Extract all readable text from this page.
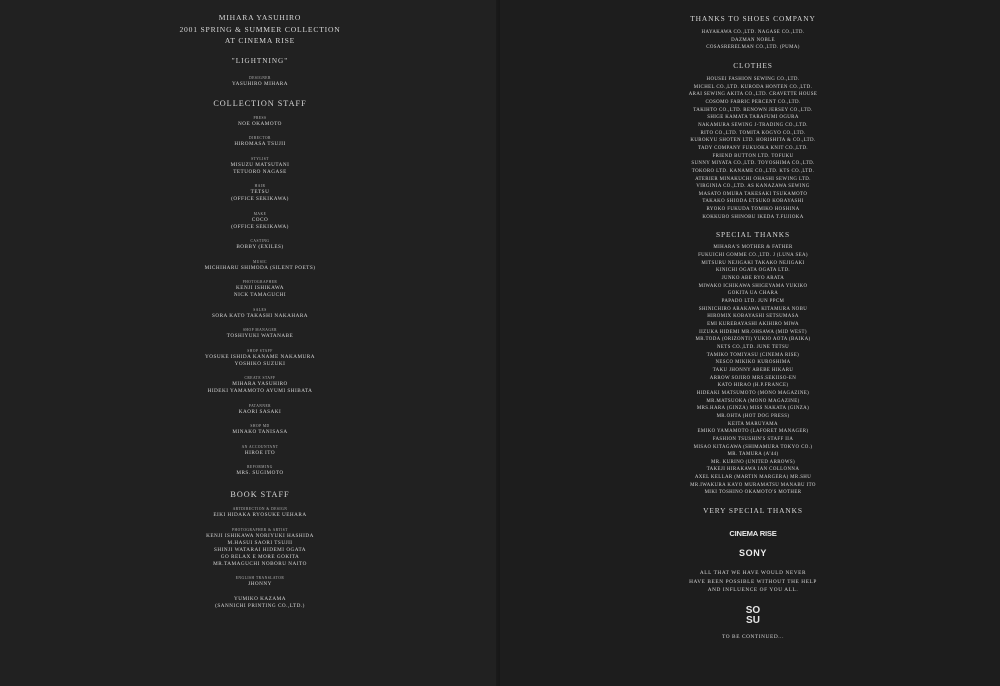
MIHARA YASUHIRO
2001 SPRING & SUMMER COLLECTION
AT CINEMA RISE
"LIGHTNING"
DESIGNER
YASUHIRO MIHARA
COLLECTION STAFF
PRESS
NOE OKAMOTO
DIRECTOR
HIROMASA TSUJII
STYLIST
MISUZU MATSUTANI
TETUORO NAGASE
HAIR
TETSU
(OFFICE SEKIKAWA)
MAKE
COCO
(OFFICE SEKIKAWA)
CASTING
BOBBY (EXILES)
MUSIC
MICHIHARU SHIMODA (SILENT POETS)
PHOTOGRAPHER
KENJI ISHIKAWA
NICK TAMAGUCHI
SALES
SORA KATO TAKASHI NAKAHARA
SHOP MANAGER
TOSHIYUKI WATANABE
SHOP STAFF
YOSUKE ISHIDA KANAME NAKAMURA
YOSHIKO SUZUKI
CREATE STAFF
MIHARA YASUHIRO
HIDEKI YAMAMOTO AYUMI SHIBATA
PATANNER
KAORI SASAKI
SHOP MD
MINAKO TANISASA
AN ACCOUNTANT
HIROE ITO
REFORMING
MRS. SUGIMOTO
BOOK STAFF
ARTDIRECTION & DESIGN
EIKI HIDAKA RYOSUKE UEHARA
PHOTOGRAPHER & ARTIST
KENJI ISHIKAWA NORIYUKI HASHIDA
M.HASUI SAORI TSUJII
SHINJI WATARAI HIDEMI OGATA
GO RELAX E MORE GOKITA
MR.TAMAGUCHI NOBORU NAITO
ENGLISH TRANSLATOR
JHONNY
YUMIKO KAZAMA
(SANNICHI PRINTING CO.,LTD.)
THANKS TO SHOES COMPANY
HAYAKAWA CO.,LTD. NAGASE CO.,LTD.
DAZMAN NOBLE
COSASRERELMAN CO.,LTD. (PUMA)
CLOTHES
HOUSEI FASHION SEWING CO.,LTD.
MICHEL CO.,LTD. KURODA HONTEN CO.,LTD.
ARAI SEWING AKITA CO.,LTD. CRAVETTE HOUSE
COSOMO FABRIC PERCENT CO.,LTD.
TAKIHTO CO.,LTD. RENOWN JERSEY CO.,LTD.
SHIGE KAMATA TARAFUMI OGURA
NAKAMURA SEWING J-TRADING CO.,LTD.
RITO CO.,LTD. TOMITA KOGYO CO.,LTD.
KUROKYU SHOTEN LTD. HORISHITA & CO.,LTD.
TADY COMPANY FUKUOKA KNIT CO.,LTD.
FRIEND BUTTON LTD. TOFUKU
SUNNY MIYATA CO.,LTD. TOYOSHIMA CO.,LTD.
TOKORO LTD. KANAME CO.,LTD. KTS CO.,LTD.
ATERIER MINAKUCHI OHASHI SEWING LTD.
VIRGINIA CO.,LTD. AS KANAZAWA SEWING
MASATO OMURA TAKESAKI TSUKAMOTO
TAKAKO SHIODA ETSUKO KOBAYASHI
RYOKO FUKUDA TOMIKO HOSHINA
KOKKUBO SHINOBU IKEDA T.FUJIOKA
SPECIAL THANKS
MIHARA'S MOTHER & FATHER
FUKUICHI GOMME CO.,LTD. J (LUNA SEA)
MITSURU NEJIGAKI TAKAKO NEJIGAKI
KINICHI OGATA OGATA LTD.
JUNKO ABE RYO ARATA
MIWAKO ICHIKAWA SHIGEYAMA YUKIKO
GOKITA UA CHARA
PAPADO LTD. JUN PPCM
SHINICHIRO ARAKAWA KITAMURA NOBU
HIROMIX KOBAYASHI SETSUMASA
EMI KUREBAYASHI AKIHIRO MIWA
IIZUKA HIDEMI MR.OHSAWA (MID WEST)
MR.TODA (ORIZONTI) YUKIO AOTA (BAIKA)
NETS CO.,LTD. JUNE TETSU
TAMIKO TOMIYASU (CINEMA RISE)
NESCO MIKIKO KUROSHIMA
TAKU JHONNY ABEBE HIKARU
ARROW SOJIRO MRS.SEKIISO-EN
KATO HIRAO (H.P.FRANCE)
HIDEAKI MATSUMOTO (MONO MAGAZINE)
MR.MATSUOKA (MONO MAGAZINE)
MRS.HARA (GINZA) MISS NAKATA (GINZA)
MR.OHTA (HOT DOG PRESS)
KEITA MARUYAMA
EMIKO YAMAMOTO (LAFORET MANAGER)
FASHION TSUSHIN'S STAFF IIA
MISAO KITAGAWA (SHIMAMURA TOKYO CO.)
MR. TAMURA (A'44)
MR. KURINO (UNITED ARROWS)
TAKEJI HIRAKAWA IAN COLLONNA
AXEL KELLAR (MARTIN MARGERA) MR.SHU
MR.IWAKURA KAYO MURAMATSU MANABU ITO
MIKI TOSHINO OKAMOTO'S MOTHER
VERY SPECIAL THANKS
CINEMA RISE
SONY
ALL THAT WE HAVE WOULD NEVER
HAVE BEEN POSSIBLE WITHOUT THE HELP
AND INFLUENCE OF YOU ALL.
SO
SU
TO BE CONTINUED...
